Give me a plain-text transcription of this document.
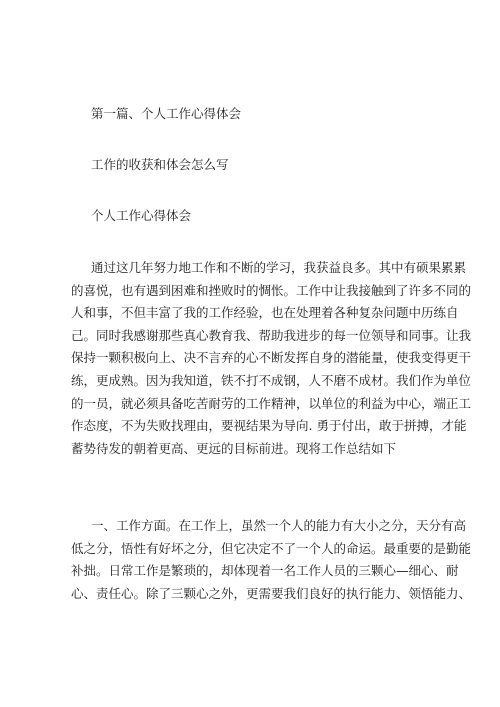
第一篇、个人工作心得体会
工作的收获和体会怎么写
个人工作心得体会
通过这几年努力地工作和不断的学习，我获益良多。其中有硕果累累
的喜悦，也有遇到困难和挫败时的惆怅。工作中让我接触到了许多不同的
人和事，不但丰富了我的工作经验，也在处理着各种复杂问题中历练自
己。同时我感谢那些真心教育我、帮助我进步的每一位领导和同事。让我
保持一颗积极向上、决不言弃的心不断发挥自身的潜能量，使我变得更干
练，更成熟。因为我知道，铁不打不成钢，人不磨不成材。我们作为单位
的一员，就必须具备吃苦耐劳的工作精神，以单位的利益为中心，端正工
作态度，不为失败找理由，要视结果为导向. 勇于付出，敢于拼搏，才能
蓄势待发的朝着更高、更远的目标前进。现将工作总结如下
一、工作方面。在工作上，虽然一个人的能力有大小之分，天分有高
低之分，悟性有好坏之分，但它决定不了一个人的命运。最重要的是勤能
补拙。日常工作是繁琐的，却体现着一名工作人员的三颗心—细心、耐
心、责任心。除了三颗心之外，更需要我们良好的执行能力、领悟能力、
